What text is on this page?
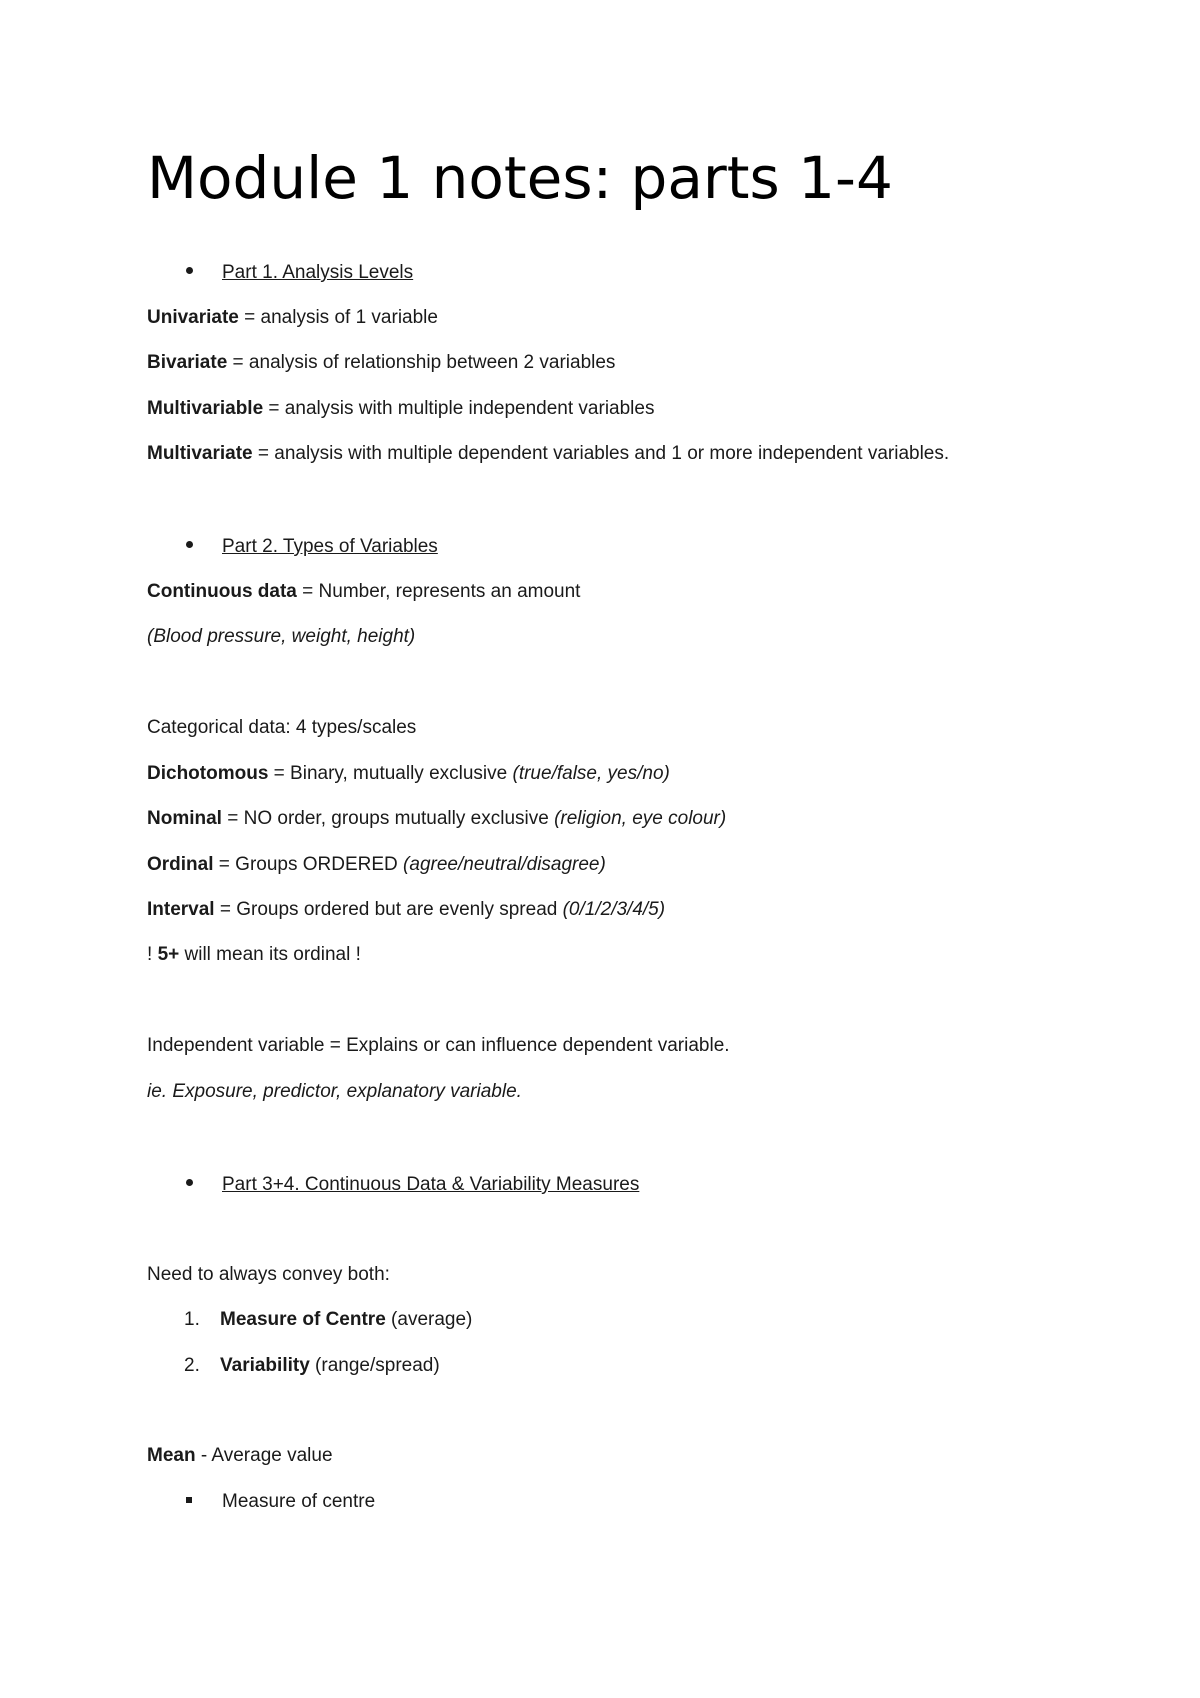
Module 1 notes: parts 1-4

Part 1. Analysis Levels

Univariate = analysis of 1 variable

Bivariate = analysis of relationship between 2 variables

Multivariable = analysis with multiple independent variables

Multivariate = analysis with multiple dependent variables and 1 or more independent variables.

Part 2. Types of Variables

Continuous data = Number, represents an amount

(Blood pressure, weight, height)

Categorical data: 4 types/scales

Dichotomous = Binary, mutually exclusive (true/false, yes/no)

Nominal = NO order, groups mutually exclusive (religion, eye colour)

Ordinal = Groups ORDERED (agree/neutral/disagree)

Interval = Groups ordered but are evenly spread (0/1/2/3/4/5)

! 5+ will mean its ordinal !

Independent variable = Explains or can influence dependent variable.

ie. Exposure, predictor, explanatory variable.

Part 3+4. Continuous Data & Variability Measures

Need to always convey both:

1. Measure of Centre (average)

2. Variability (range/spread)

Mean - Average value

Measure of centre
